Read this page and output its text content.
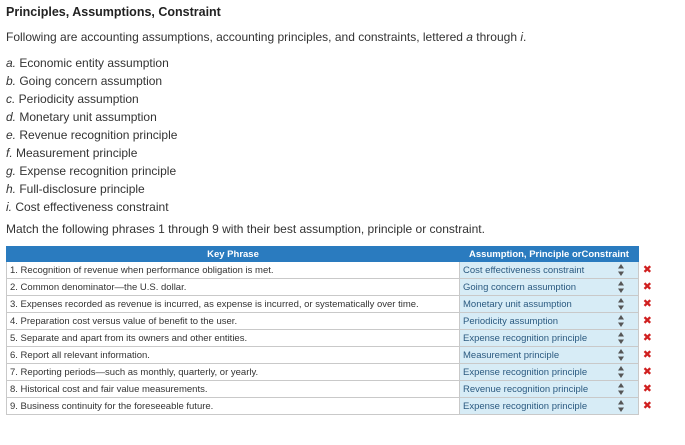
Principles, Assumptions, Constraint
Following are accounting assumptions, accounting principles, and constraints, lettered a through i.
a. Economic entity assumption
b. Going concern assumption
c. Periodicity assumption
d. Monetary unit assumption
e. Revenue recognition principle
f. Measurement principle
g. Expense recognition principle
h. Full-disclosure principle
i. Cost effectiveness constraint
Match the following phrases 1 through 9 with their best assumption, principle or constraint.
Key Phrase	Assumption, Principle orConstraint
1. Recognition of revenue when performance obligation is met.	Cost effectiveness constraint ✖

2. Common denominator—the U.S. dollar.	Going concern assumption ✖

3. Expenses recorded as revenue is incurred, as expense is incurred, or systematically over time.	Monetary unit assumption ✖

4. Preparation cost versus value of benefit to the user.	Periodicity assumption ✖

5. Separate and apart from its owners and other entities.	Expense recognition principle ✖

6. Report all relevant information.	Measurement principle ✖

7. Reporting periods—such as monthly, quarterly, or yearly.	Expense recognition principle ✖

8. Historical cost and fair value measurements.	Revenue recognition principle ✖

9. Business continuity for the foreseeable future.	Expense recognition principle ✖
